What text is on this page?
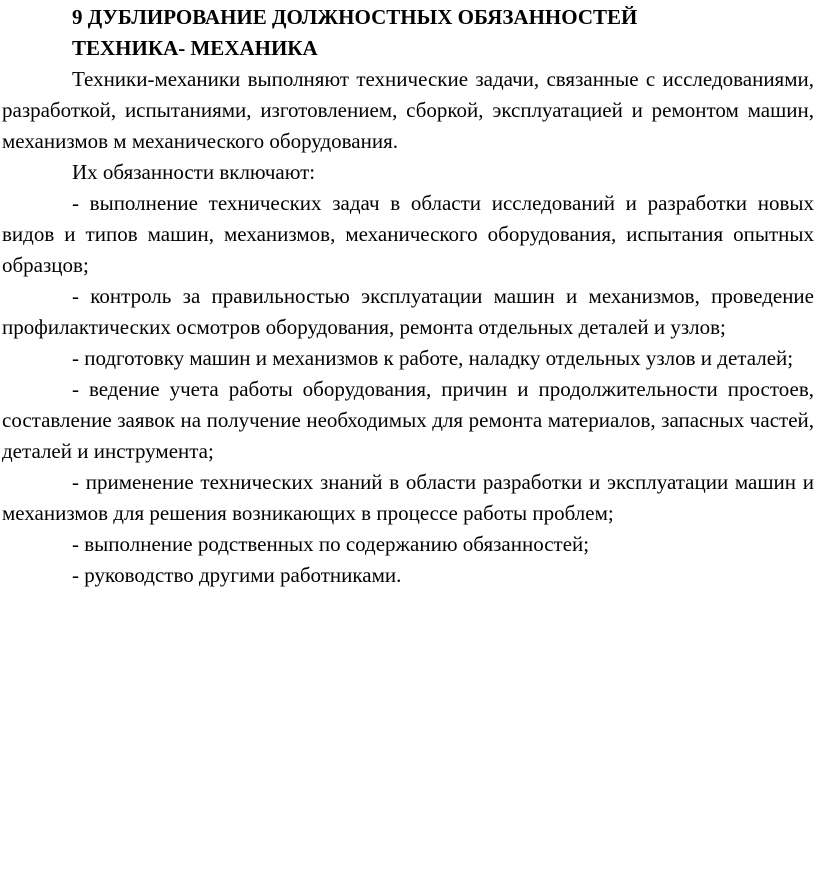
9 ДУБЛИРОВАНИЕ ДОЛЖНОСТНЫХ ОБЯЗАННОСТЕЙ
ТЕХНИКА- МЕХАНИКА

Техники-механики выполняют технические задачи, связанные с исследованиями, разработкой, испытаниями, изготовлением, сборкой, эксплуатацией и ремонтом машин, механизмов м механического оборудования.

Их обязанности включают:

- выполнение технических задач в области исследований и разработки новых видов и типов машин, механизмов, механического оборудования, испытания опытных образцов;

- контроль за правильностью эксплуатации машин и механизмов, проведение профилактических осмотров оборудования, ремонта отдельных деталей и узлов;

- подготовку машин и механизмов к работе, наладку отдельных узлов и деталей;

- ведение учета работы оборудования, причин и продолжительности простоев, составление заявок на получение необходимых для ремонта материалов, запасных частей, деталей и инструмента;

- применение технических знаний в области разработки и эксплуатации машин и механизмов для решения возникающих в процессе работы проблем;

- выполнение родственных по содержанию обязанностей;

- руководство другими работниками.
